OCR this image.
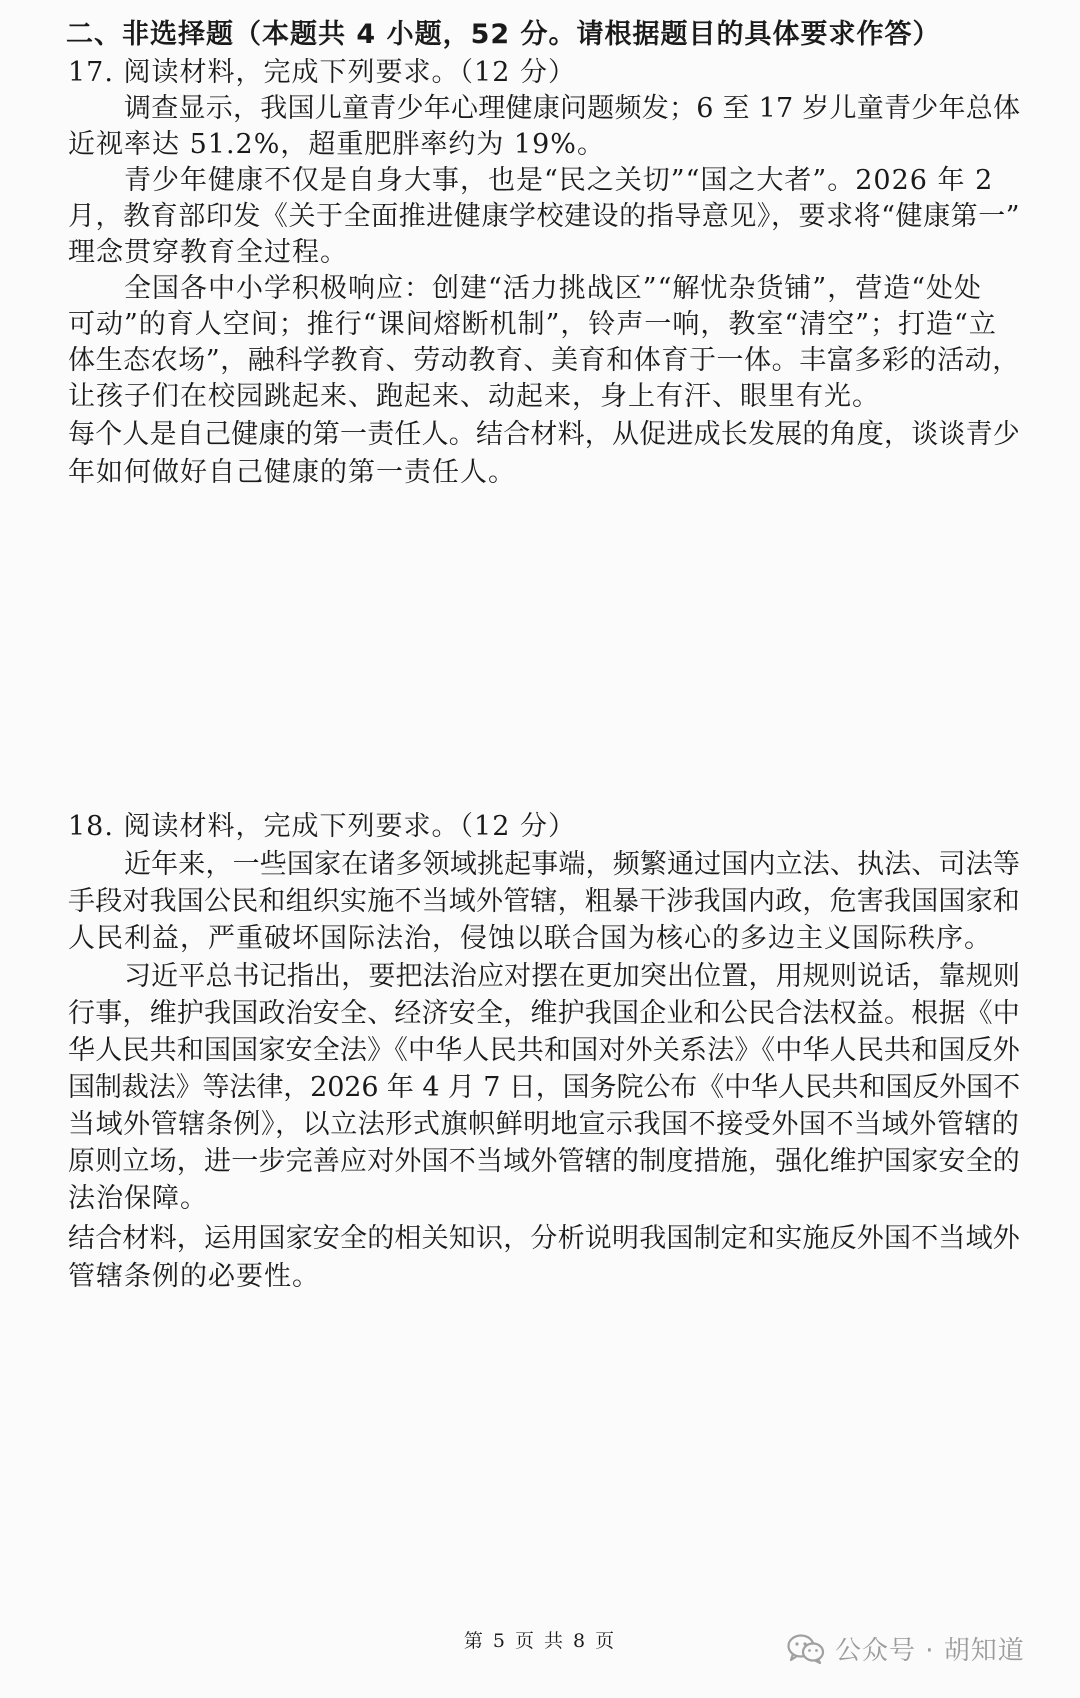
二、非选择题（本题共 4 小题，52 分。请根据题目的具体要求作答）
17. 阅读材料，完成下列要求。（12 分）
调查显示，我国儿童青少年心理健康问题频发；6 至 17 岁儿童青少年总体
近视率达 51.2%，超重肥胖率约为 19%。
青少年健康不仅是自身大事，也是“民之关切”“国之大者”。2026 年 2
月，教育部印发《关于全面推进健康学校建设的指导意见》，要求将“健康第一”
理念贯穿教育全过程。
全国各中小学积极响应：创建“活力挑战区”“解忧杂货铺”，营造“处处
可动”的育人空间；推行“课间熔断机制”，铃声一响，教室“清空”；打造“立
体生态农场”，融科学教育、劳动教育、美育和体育于一体。丰富多彩的活动，
让孩子们在校园跳起来、跑起来、动起来，身上有汗、眼里有光。
每个人是自己健康的第一责任人。结合材料，从促进成长发展的角度，谈谈青少
年如何做好自己健康的第一责任人。
18. 阅读材料，完成下列要求。（12 分）
近年来，一些国家在诸多领域挑起事端，频繁通过国内立法、执法、司法等
手段对我国公民和组织实施不当域外管辖，粗暴干涉我国内政，危害我国国家和
人民利益，严重破坏国际法治，侵蚀以联合国为核心的多边主义国际秩序。
习近平总书记指出，要把法治应对摆在更加突出位置，用规则说话，靠规则
行事，维护我国政治安全、经济安全，维护我国企业和公民合法权益。根据《中
华人民共和国国家安全法》《中华人民共和国对外关系法》《中华人民共和国反外
国制裁法》等法律，2026 年 4 月 7 日，国务院公布《中华人民共和国反外国不
当域外管辖条例》，以立法形式旗帜鲜明地宣示我国不接受外国不当域外管辖的
原则立场，进一步完善应对外国不当域外管辖的制度措施，强化维护国家安全的
法治保障。
结合材料，运用国家安全的相关知识，分析说明我国制定和实施反外国不当域外
管辖条例的必要性。
第 5 页 共 8 页	公众号 · 胡知道
